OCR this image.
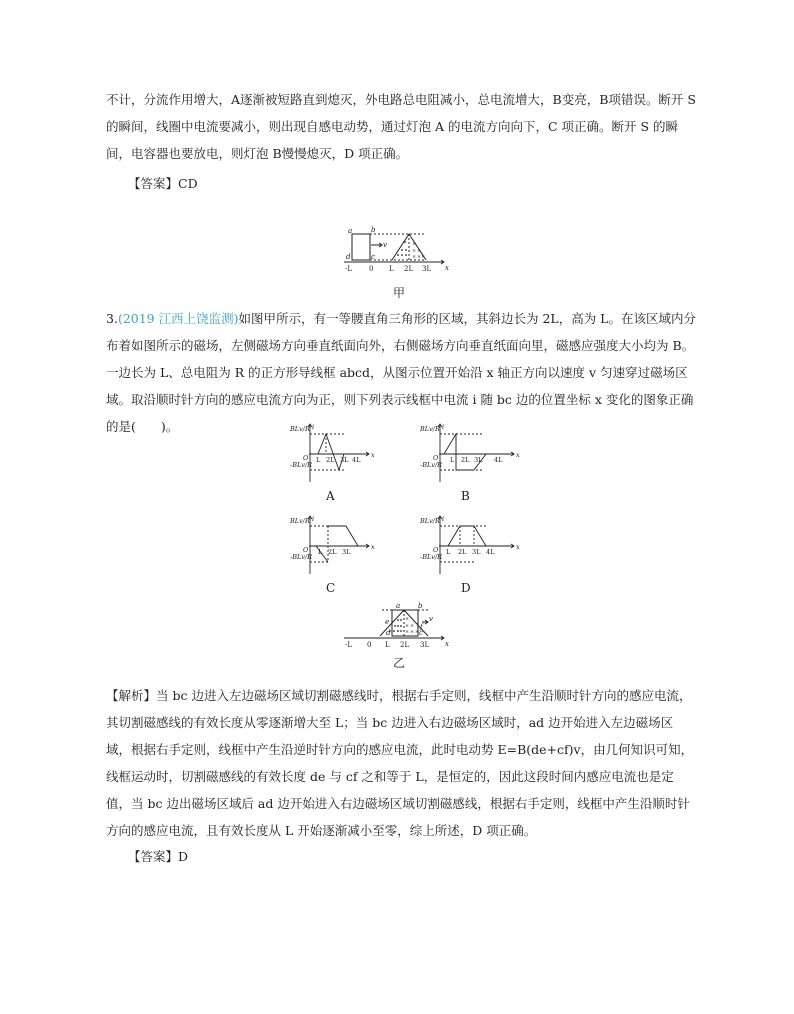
不计，分流作用增大，A逐渐被短路直到熄灭，外电路总电阻减小，总电流增大，B变亮，B项错误。断开 S 的瞬间，线圈中电流要减小，则出现自感电动势，通过灯泡 A 的电流方向向下，C 项正确。断开 S 的瞬间，电容器也要放电，则灯泡 B慢慢熄灭，D 项正确。

【答案】CD

×
× ×
× × ×
a	b
c
d
v
x
-L 0 L 2L 3L
甲

3.(2019 江西上饶监测)如图甲所示，有一等腰直角三角形的区域，其斜边长为 2L，高为 L。在该区域内分布着如图所示的磁场，左侧磁场方向垂直纸面向外，右侧磁场方向垂直纸面向里，磁感应强度大小均为 B。一边长为 L、总电阻为 R 的正方形导线框 abcd，从图示位置开始沿 x 轴正方向以速度 v 匀速穿过磁场区域。取沿顺时针方向的感应电流方向为正，则下列表示线框中电流 i 随 bc 边的位置坐标 x 变化的图象正确的是(　　)。	BLv/R
-BLv/R
i
x
O L 2L 3L 4L
A
BLv/R
-BLv/R
i
x
O L 2L 3L 4L
B
BLv/R
-BLv/R
i
x
O L 2L 3L
C
BLv/R
-BLv/R
i
x
O L 2L 3L 4L
D
×
× ×
× × ×
a	b
c
d
e
f
v
x
-L 0 L 2L 3L
乙

【解析】当 bc 边进入左边磁场区域切割磁感线时，根据右手定则，线框中产生沿顺时针方向的感应电流，其切割磁感线的有效长度从零逐渐增大至 L；当 bc 边进入右边磁场区域时，ad 边开始进入左边磁场区域，根据右手定则，线框中产生沿逆时针方向的感应电流，此时电动势 E=B(de+cf)v，由几何知识可知，线框运动时，切割磁感线的有效长度 de 与 cf 之和等于 L，是恒定的，因此这段时间内感应电流也是定值，当 bc 边出磁场区域后 ad 边开始进入右边磁场区域切割磁感线，根据右手定则，线框中产生沿顺时针方向的感应电流，且有效长度从 L 开始逐渐减小至零，综上所述，D 项正确。

【答案】D
